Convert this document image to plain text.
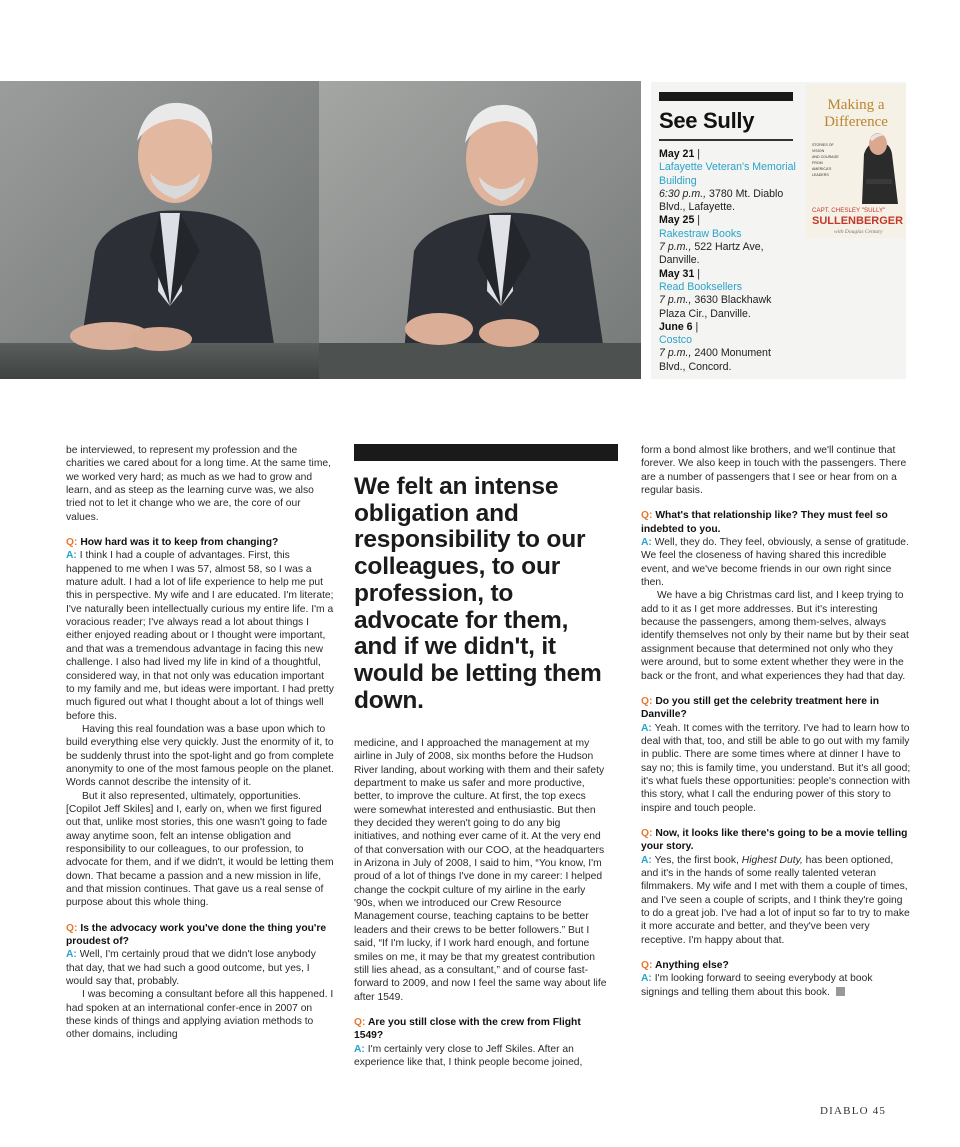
See Sully
May 21 |
Lafayette Veteran's Memorial Building
6:30 p.m., 3780 Mt. Diablo Blvd., Lafayette.
May 25 |
Rakestraw Books
7 p.m., 522 Hartz Ave, Danville.
May 31 |
Read Booksellers
7 p.m., 3630 Blackhawk Plaza Cir., Danville.
June 6 |
Costco
7 p.m., 2400 Monument Blvd., Concord.
Making a
Difference
STORIES OF
VISION
AND COURAGE
FROM
AMERICA'S
LEADERS
CAPT. CHESLEY "SULLY"
SULLENBERGER
with Douglas Century

be interviewed, to represent my profession and the charities we cared about for a long time. At the same time, we worked very hard; as much as we had to grow and learn, and as steep as the learning curve was, we also tried not to let it change who we are, the core of our values.

Q: How hard was it to keep from changing?

A: I think I had a couple of advantages. First, this happened to me when I was 57, almost 58, so I was a mature adult. I had a lot of life experience to help me put this in perspective. My wife and I are educated. I'm literate; I've naturally been intellectually curious my entire life. I'm a voracious reader; I've always read a lot about things I either enjoyed reading about or I thought were important, and that was a tremendous advantage in facing this new challenge. I also had lived my life in kind of a thoughtful, considered way, in that not only was education important to my family and me, but ideas were important. I had pretty much figured out what I thought about a lot of things well before this.

Having this real foundation was a base upon which to build everything else very quickly. Just the enormity of it, to be suddenly thrust into the spot-light and go from complete anonymity to one of the most famous people on the planet. Words cannot describe the intensity of it.

But it also represented, ultimately, opportunities. [Copilot Jeff Skiles] and I, early on, when we first figured out that, unlike most stories, this one wasn't going to fade away anytime soon, felt an intense obligation and responsibility to our colleagues, to our profession, to advocate for them, and if we didn't, it would be letting them down. That became a passion and a new mission in life, and that mission continues. That gave us a real sense of purpose about this whole thing.

Q: Is the advocacy work you've done the thing you're proudest of?

A: Well, I'm certainly proud that we didn't lose anybody that day, that we had such a good outcome, but yes, I would say that, probably.

I was becoming a consultant before all this happened. I had spoken at an international confer-ence in 2007 on these kinds of things and applying aviation methods to other domains, including

We felt an intense obligation and responsibility to our colleagues, to our profession, to advocate for them, and if we didn't, it would be letting them down.

medicine, and I approached the management at my airline in July of 2008, six months before the Hudson River landing, about working with them and their safety department to make us safer and more productive, better, to improve the culture. At first, the top execs were somewhat interested and enthusiastic. But then they decided they weren't going to do any big initiatives, and nothing ever came of it. At the very end of that conversation with our COO, at the headquarters in Arizona in July of 2008, I said to him, “You know, I'm proud of a lot of things I've done in my career: I helped change the cockpit culture of my airline in the early '90s, when we introduced our Crew Resource Management course, teaching captains to be better leaders and their crews to be better followers.” But I said, “If I'm lucky, if I work hard enough, and fortune smiles on me, it may be that my greatest contribution still lies ahead, as a consultant,” and of course fast-forward to 2009, and now I feel the same way about life after 1549.

Q: Are you still close with the crew from Flight 1549?

A: I'm certainly very close to Jeff Skiles. After an experience like that, I think people become joined,

form a bond almost like brothers, and we'll continue that forever. We also keep in touch with the passengers. There are a number of passengers that I see or hear from on a regular basis.

Q: What's that relationship like? They must feel so indebted to you.

A: Well, they do. They feel, obviously, a sense of gratitude. We feel the closeness of having shared this incredible event, and we've become friends in our own right since then.

We have a big Christmas card list, and I keep trying to add to it as I get more addresses. But it's interesting because the passengers, among them-selves, always identify themselves not only by their name but by their seat assignment because that determined not only who they were around, but to some extent whether they were in the back or the front, and what experiences they had that day.

Q: Do you still get the celebrity treatment here in Danville?

A: Yeah. It comes with the territory. I've had to learn how to deal with that, too, and still be able to go out with my family in public. There are some times where at dinner I have to say no; this is family time, you understand. But it's all good; it's what fuels these opportunities: people's connection with this story, what I call the enduring power of this story to inspire and touch people.

Q: Now, it looks like there's going to be a movie telling your story.

A: Yes, the first book, Highest Duty, has been optioned, and it's in the hands of some really talented veteran filmmakers. My wife and I met with them a couple of times, and I've seen a couple of scripts, and I think they're going to do a great job. I've had a lot of input so far to try to make it more accurate and better, and they've been very receptive. I'm happy about that.

Q: Anything else?

A: I'm looking forward to seeing everybody at book signings and telling them about this book.

DIABLO 45
